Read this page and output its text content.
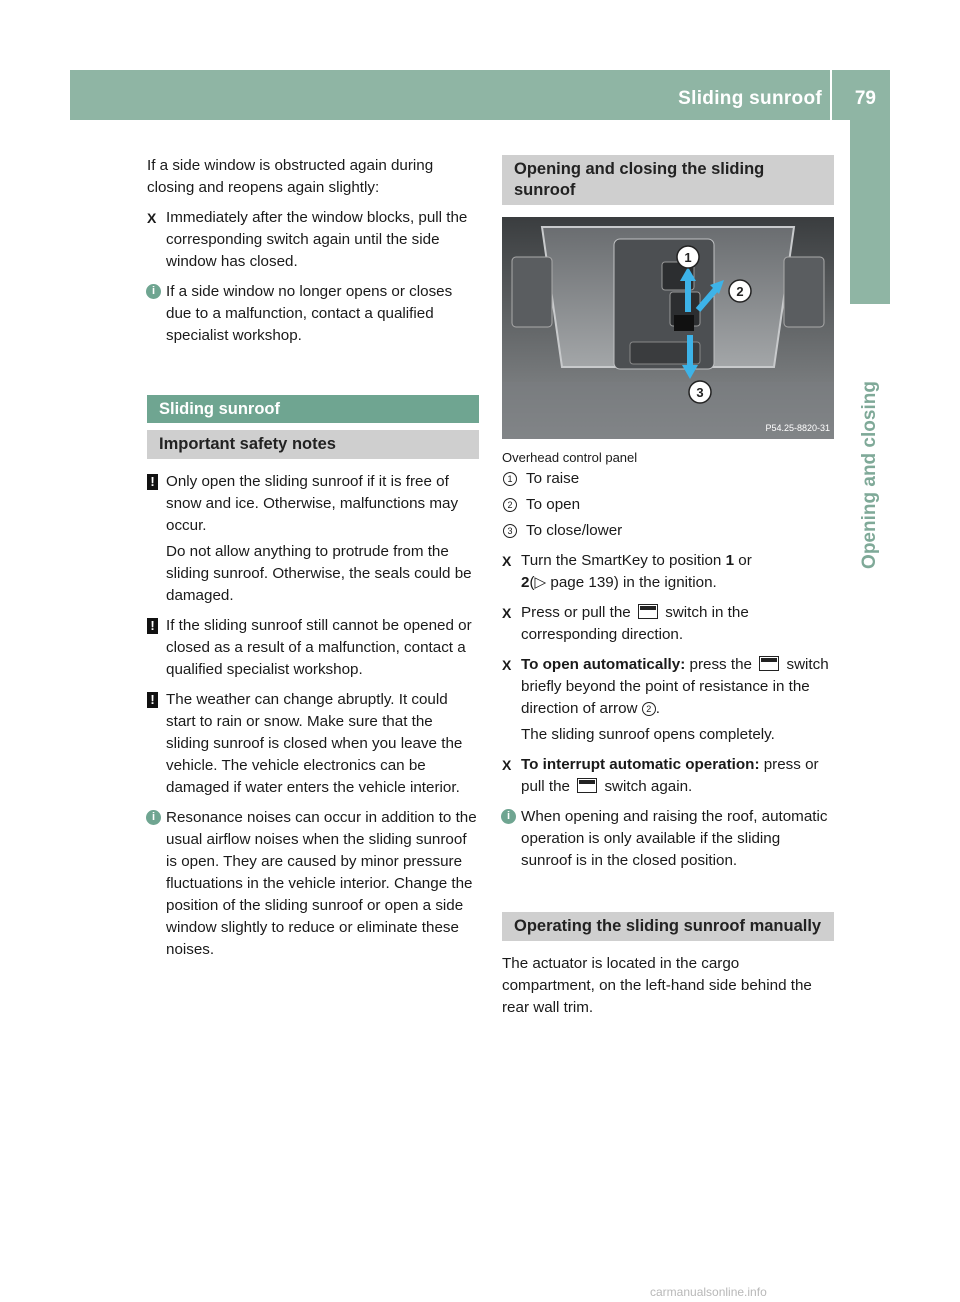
Sliding sunroof 79
Opening and closing

If a side window is obstructed again during closing and reopens again slightly:

X Immediately after the window blocks, pull the corresponding switch again until the side window has closed.
i If a side window no longer opens or closes due to a malfunction, contact a qualified specialist workshop.
Sliding sunroof
Important safety notes
! Only open the sliding sunroof if it is free of snow and ice. Otherwise, malfunctions may occur.

Do not allow anything to protrude from the sliding sunroof. Otherwise, the seals could be damaged.

! If the sliding sunroof still cannot be opened or closed as a result of a malfunction, contact a qualified specialist workshop.
! The weather can change abruptly. It could start to rain or snow. Make sure that the sliding sunroof is closed when you leave the vehicle. The vehicle electronics can be damaged if water enters the vehicle interior.
i Resonance noises can occur in addition to the usual airflow noises when the sliding sunroof is open. They are caused by minor pressure fluctuations in the vehicle interior. Change the position of the sliding sunroof or open a side window slightly to reduce or eliminate these noises.
Opening and closing the sliding sunroof
1
2
3
P54.25-8820-31
Overhead control panel
1 To raise
2 To open
3 To close/lower
X Turn the SmartKey to position 1 or
2(▷ page 139) in the ignition.
X Press or pull the switch in the corresponding direction.
X To open automatically: press the switch briefly beyond the point of resistance in the direction of arrow 2 .

The sliding sunroof opens completely.

X To interrupt automatic operation: press or pull the switch again.
i When opening and raising the roof, automatic operation is only available if the sliding sunroof is in the closed position.
Operating the sliding sunroof manually

The actuator is located in the cargo compartment, on the left-hand side behind the rear wall trim.

carmanualsonline.info
